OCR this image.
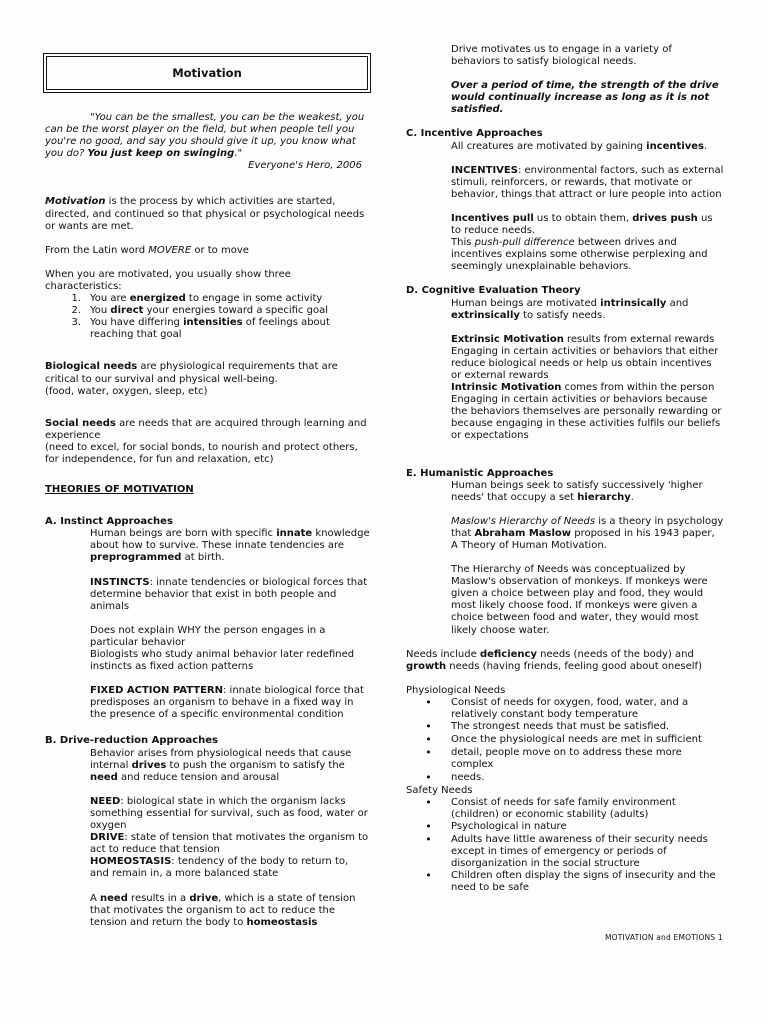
Motivation

"You can be the smallest, you can be the weakest, you can be the worst player on the field, but when people tell you you're no good, and say you should give it up, you know what you do? You just keep on swinging."

Everyone's Hero, 2006

Motivation is the process by which activities are started, directed, and continued so that physical or psychological needs or wants are met.

From the Latin word MOVERE or to move

When you are motivated, you usually show three characteristics:

1. You are energized to engage in some activity
2. You direct your energies toward a specific goal
3. You have differing intensities of feelings about reaching that goal

Biological needs are physiological requirements that are critical to our survival and physical well-being.
(food, water, oxygen, sleep, etc)

Social needs are needs that are acquired through learning and experience
(need to excel, for social bonds, to nourish and protect others, for independence, for fun and relaxation, etc)

THEORIES OF MOTIVATION
A. Instinct Approaches

Human beings are born with specific innate knowledge about how to survive. These innate tendencies are preprogrammed at birth.

INSTINCTS: innate tendencies or biological forces that determine behavior that exist in both people and animals

Does not explain WHY the person engages in a particular behavior

Biologists who study animal behavior later redefined instincts as fixed action patterns

FIXED ACTION PATTERN: innate biological force that predisposes an organism to behave in a fixed way in the presence of a specific environmental condition

B. Drive-reduction Approaches

Behavior arises from physiological needs that cause internal drives to push the organism to satisfy the need and reduce tension and arousal

NEED: biological state in which the organism lacks something essential for survival, such as food, water or oxygen

DRIVE: state of tension that motivates the organism to act to reduce that tension

HOMEOSTASIS: tendency of the body to return to, and remain in, a more balanced state

A need results in a drive, which is a state of tension that motivates the organism to act to reduce the tension and return the body to homeostasis

Drive motivates us to engage in a variety of behaviors to satisfy biological needs.

Over a period of time, the strength of the drive would continually increase as long as it is not satisfied.

C. Incentive Approaches

All creatures are motivated by gaining incentives.

INCENTIVES: environmental factors, such as external stimuli, reinforcers, or rewards, that motivate or behavior, things that attract or lure people into action

Incentives pull us to obtain them, drives push us to reduce needs.

This push-pull difference between drives and incentives explains some otherwise perplexing and seemingly unexplainable behaviors.

D. Cognitive Evaluation Theory

Human beings are motivated intrinsically and extrinsically to satisfy needs.

Extrinsic Motivation results from external rewards

Engaging in certain activities or behaviors that either reduce biological needs or help us obtain incentives or external rewards

Intrinsic Motivation comes from within the person

Engaging in certain activities or behaviors because the behaviors themselves are personally rewarding or because engaging in these activities fulfils our beliefs or expectations

E. Humanistic Approaches

Human beings seek to satisfy successively 'higher needs' that occupy a set hierarchy.

Maslow's Hierarchy of Needs is a theory in psychology that Abraham Maslow proposed in his 1943 paper, A Theory of Human Motivation.

The Hierarchy of Needs was conceptualized by Maslow's observation of monkeys. If monkeys were given a choice between play and food, they would most likely choose food. If monkeys were given a choice between food and water, they would most likely choose water.

Needs include deficiency needs (needs of the body) and growth needs (having friends, feeling good about oneself)

Physiological Needs

•
Consist of needs for oxygen, food, water, and a relatively constant body temperature
•
The strongest needs that must be satisfied.
•
Once the physiological needs are met in sufficient
•
detail, people move on to address these more complex
•
needs.

Safety Needs

•
Consist of needs for safe family environment (children) or economic stability (adults)
•
Psychological in nature
•
Adults have little awareness of their security needs except in times of emergency or periods of disorganization in the social structure
•
Children often display the signs of insecurity and the need to be safe
MOTIVATION and EMOTIONS 1
